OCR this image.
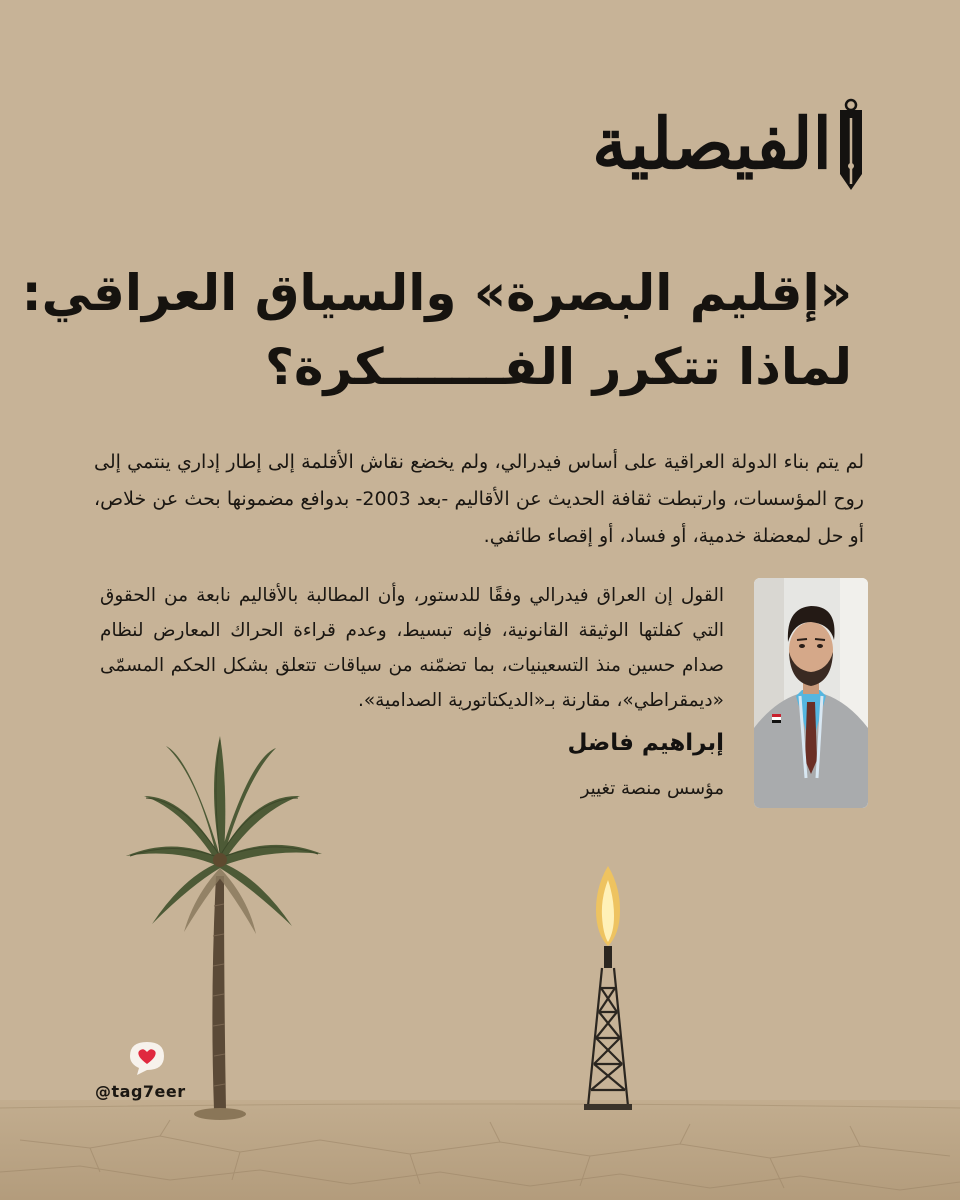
الفيصلية
«إقليم البصرة» والسياق العراقي:
لماذا تتكرر الفـــــــكرة؟
لم يتم بناء الدولة العراقية على أساس فيدرالي، ولم يخضع نقاش الأقلمة إلى إطار إداري ينتمي إلى روح المؤسسات، وارتبطت ثقافة الحديث عن الأقاليم -بعد 2003- بدوافع مضمونها بحث عن خلاص، أو حل لمعضلة خدمية، أو فساد، أو إقصاء طائفي.
القول إن العراق فيدرالي وفقًا للدستور، وأن المطالبة بالأقاليم نابعة من الحقوق التي كفلتها الوثيقة القانونية، فإنه تبسيط، وعدم قراءة الحراك المعارض لنظام صدام حسين منذ التسعينيات، بما تضمّنه من سياقات تتعلق بشكل الحكم المسمّى «ديمقراطي»، مقارنة بـ«الديكتاتورية الصدامية».
إبراهيم فاضل
مؤسس منصة تغيير
@tag7eer
